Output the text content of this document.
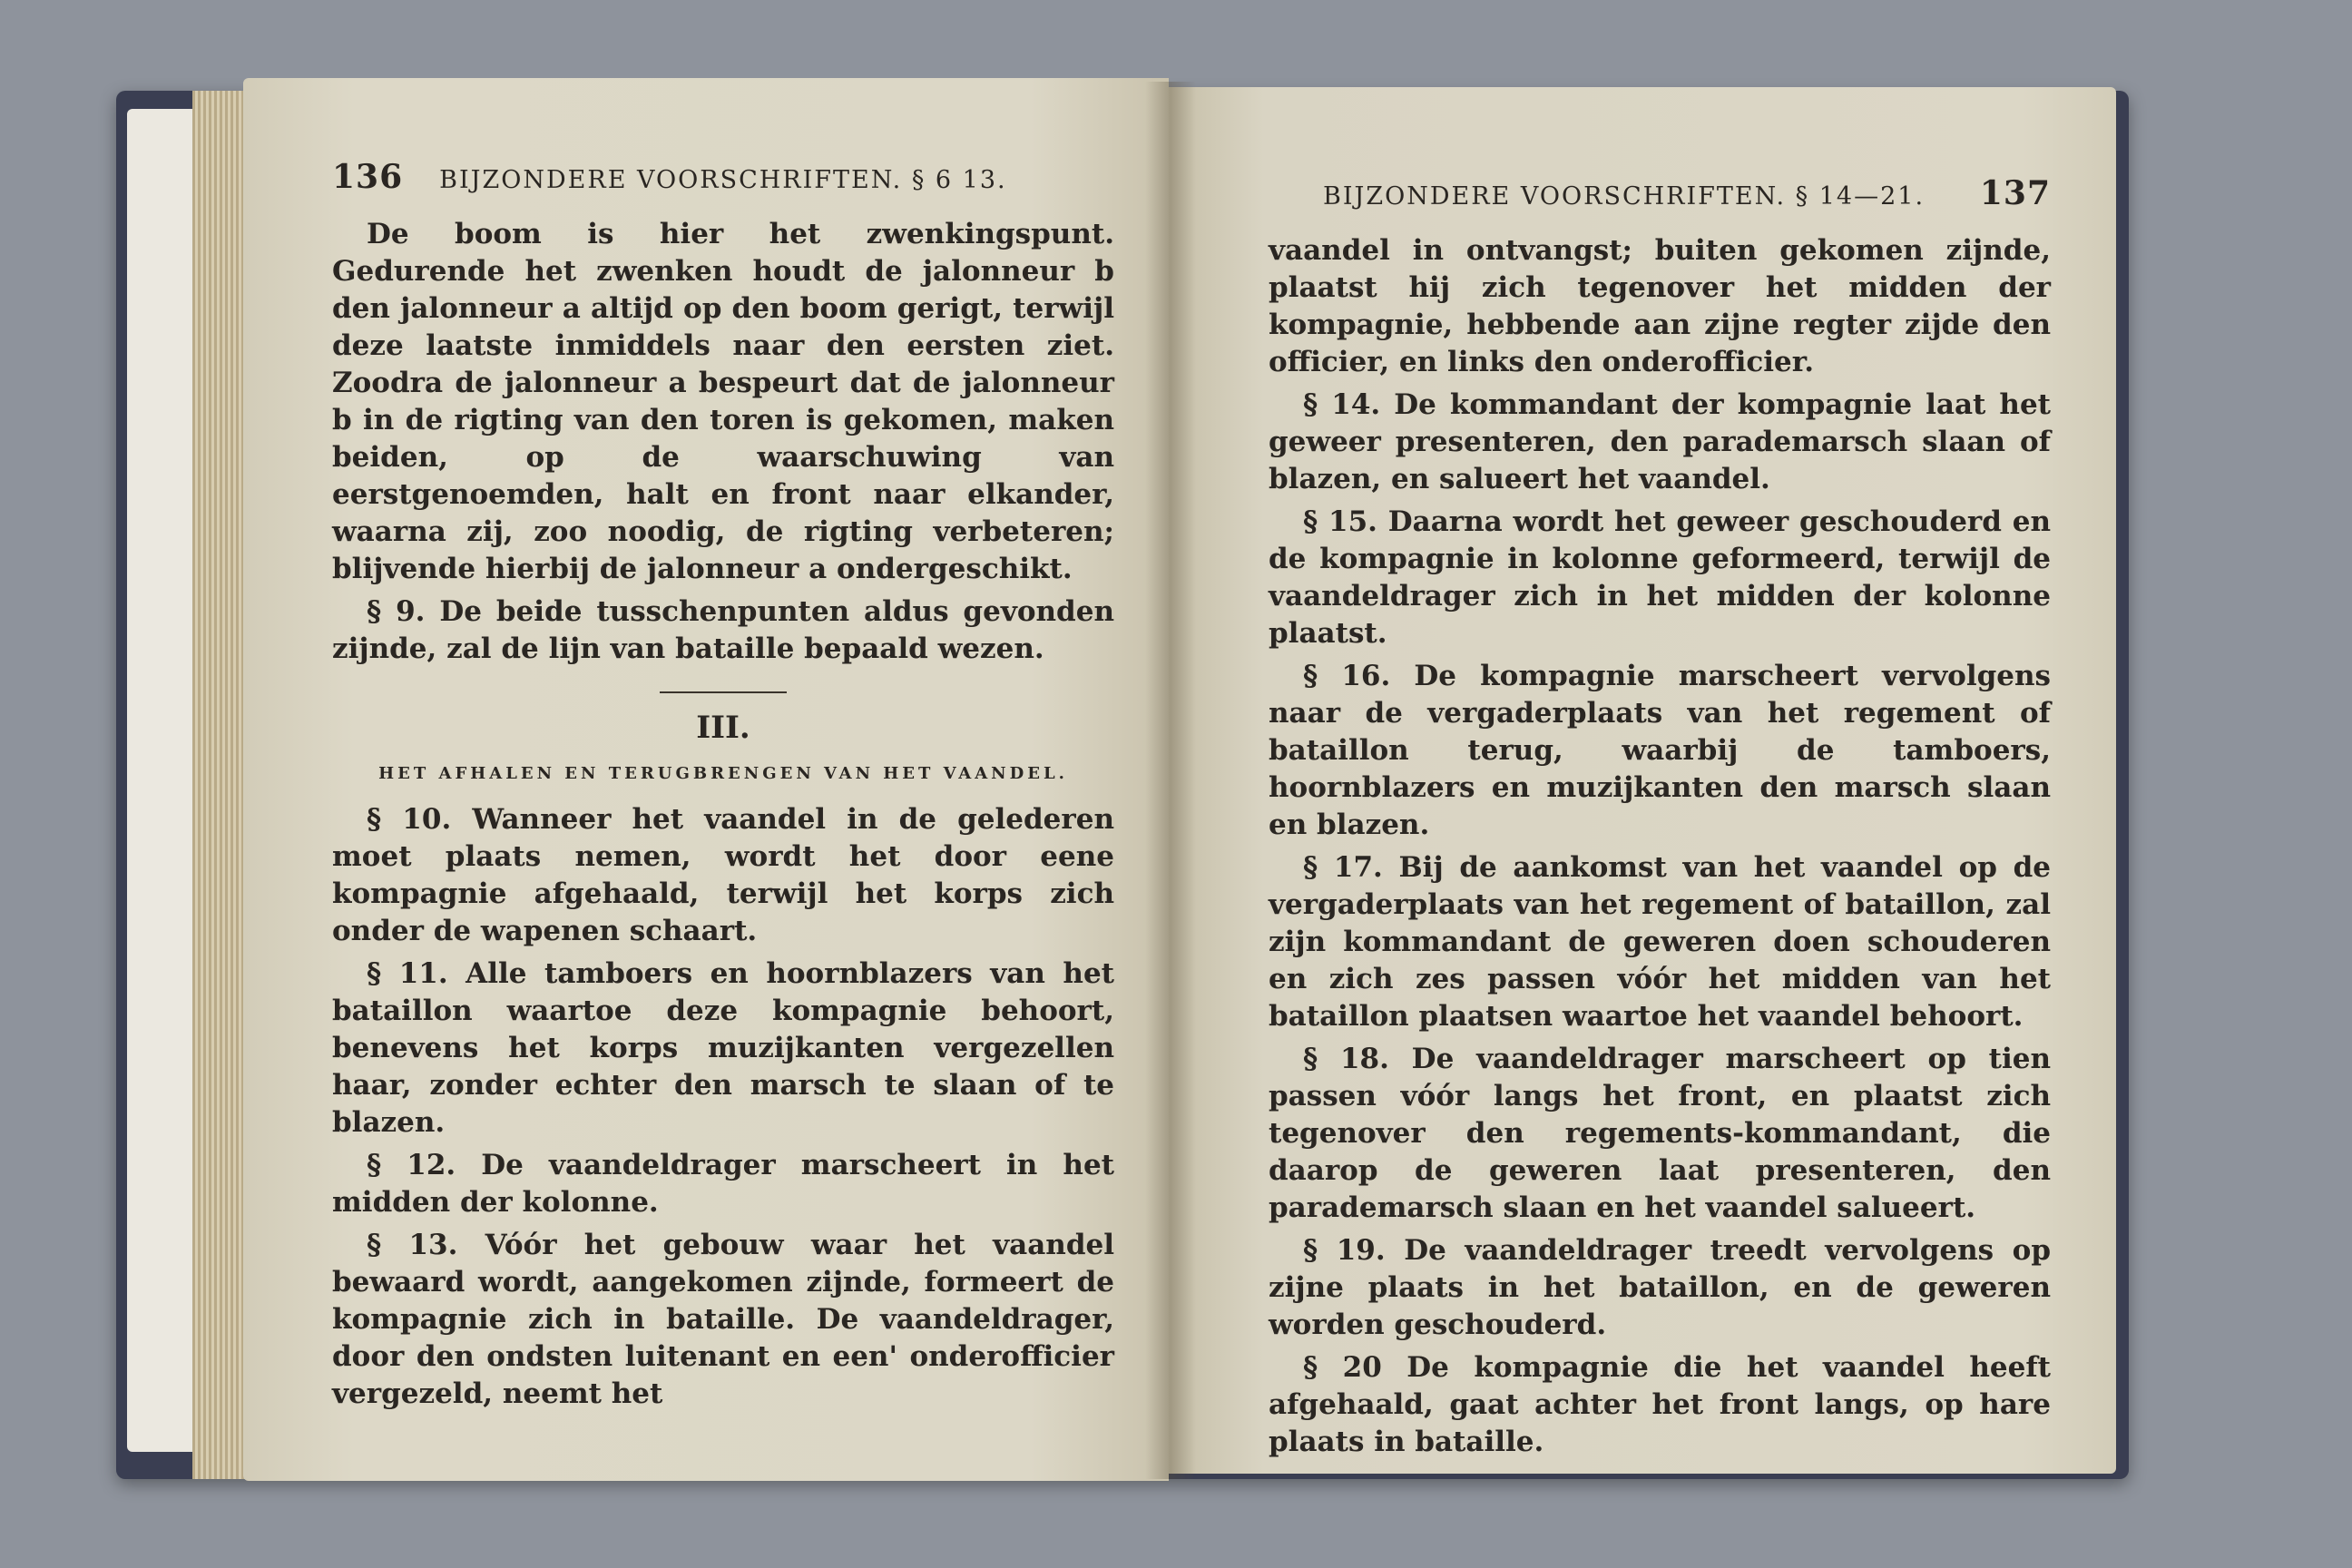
136 BIJZONDERE VOORSCHRIFTEN. § 6 13.

De boom is hier het zwenkingspunt. Gedurende het zwenken houdt de jalonneur b den jalonneur a altijd op den boom gerigt, terwijl deze laatste inmiddels naar den eersten ziet. Zoodra de jalonneur a bespeurt dat de jalonneur b in de rigting van den toren is gekomen, maken beiden, op de waarschuwing van eerstgenoemden, halt en front naar elkander, waarna zij, zoo noodig, de rigting verbeteren; blijvende hierbij de jalonneur a ondergeschikt.

§ 9. De beide tusschenpunten aldus gevonden zijnde, zal de lijn van bataille bepaald wezen.

III.
HET AFHALEN EN TERUGBRENGEN VAN HET VAANDEL.

§ 10. Wanneer het vaandel in de gelederen moet plaats nemen, wordt het door eene kompagnie afgehaald, terwijl het korps zich onder de wapenen schaart.

§ 11. Alle tamboers en hoornblazers van het bataillon waartoe deze kompagnie behoort, benevens het korps muzijkanten vergezellen haar, zonder echter den marsch te slaan of te blazen.

§ 12. De vaandeldrager marscheert in het midden der kolonne.

§ 13. Vóór het gebouw waar het vaandel bewaard wordt, aangekomen zijnde, formeert de kompagnie zich in bataille. De vaandeldrager, door den ondsten luitenant en een' onderofficier vergezeld, neemt het

BIJZONDERE VOORSCHRIFTEN. § 14—21. 137

vaandel in ontvangst; buiten gekomen zijnde, plaatst hij zich tegenover het midden der kompagnie, hebbende aan zijne regter zijde den officier, en links den onderofficier.

§ 14. De kommandant der kompagnie laat het geweer presenteren, den parademarsch slaan of blazen, en salueert het vaandel.

§ 15. Daarna wordt het geweer geschouderd en de kompagnie in kolonne geformeerd, terwijl de vaandeldrager zich in het midden der kolonne plaatst.

§ 16. De kompagnie marscheert vervolgens naar de vergaderplaats van het regement of bataillon terug, waarbij de tamboers, hoornblazers en muzijkanten den marsch slaan en blazen.

§ 17. Bij de aankomst van het vaandel op de vergaderplaats van het regement of bataillon, zal zijn kommandant de geweren doen schouderen en zich zes passen vóór het midden van het bataillon plaatsen waartoe het vaandel behoort.

§ 18. De vaandeldrager marscheert op tien passen vóór langs het front, en plaatst zich tegenover den regements-kommandant, die daarop de geweren laat presenteren, den parademarsch slaan en het vaandel salueert.

§ 19. De vaandeldrager treedt vervolgens op zijne plaats in het bataillon, en de geweren worden geschouderd.

§ 20 De kompagnie die het vaandel heeft afgehaald, gaat achter het front langs, op hare plaats in bataille.
